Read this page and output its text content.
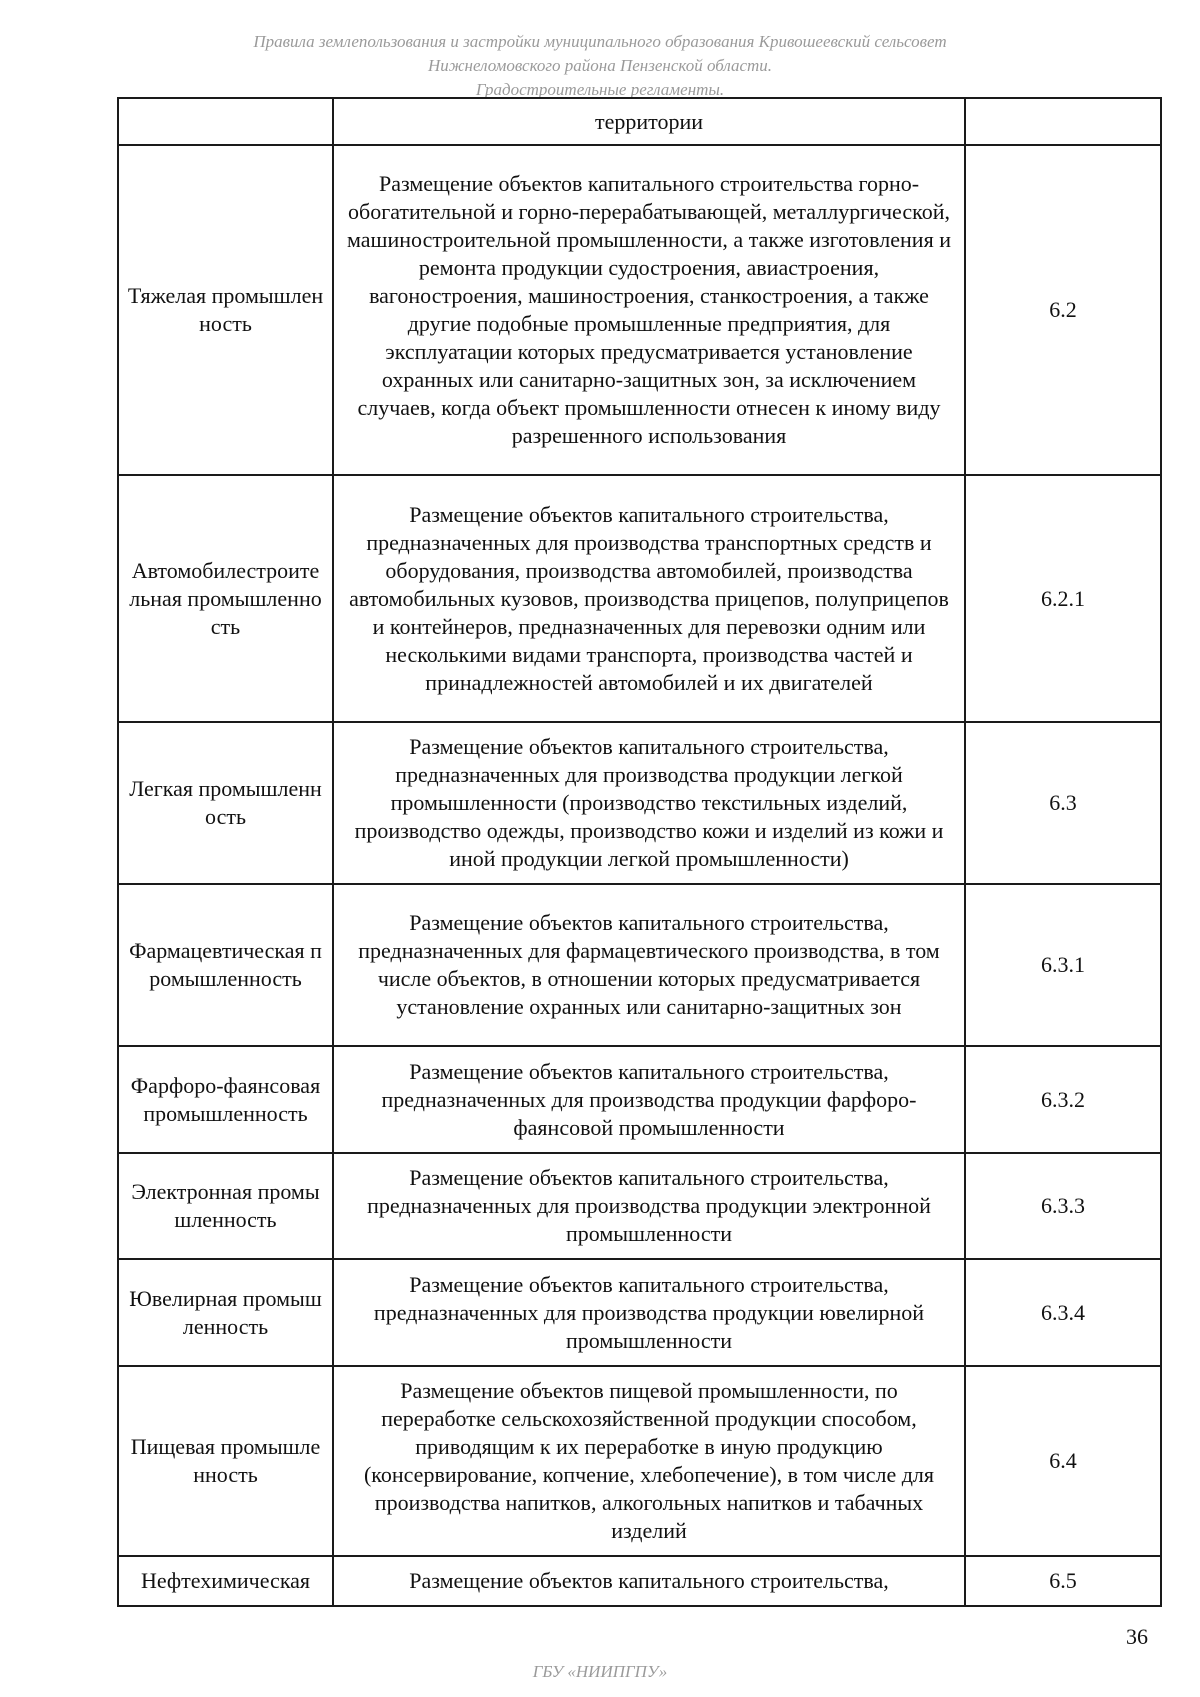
Правила землепользования и застройки муниципального образования Кривошеевский сельсовет
Нижнеломовского района Пензенской области.
Градостроительные регламенты.
	территории	
Тяжелая промышленность	Размещение объектов капитального строительства горно-обогатительной и горно-перерабатывающей, металлургической, машиностроительной промышленности, а также изготовления и ремонта продукции судостроения, авиастроения, вагоностроения, машиностроения, станкостроения, а также другие подобные промышленные предприятия, для эксплуатации которых предусматривается установление охранных или санитарно-защитных зон, за исключением случаев, когда объект промышленности отнесен к иному виду разрешенного использования	6.2
Автомобилестроительная промышленность	Размещение объектов капитального строительства, предназначенных для производства транспортных средств и оборудования, производства автомобилей, производства автомобильных кузовов, производства прицепов, полуприцепов и контейнеров, предназначенных для перевозки одним или несколькими видами транспорта, производства частей и принадлежностей автомобилей и их двигателей	6.2.1
Легкая промышленность	Размещение объектов капитального строительства, предназначенных для производства продукции легкой промышленности (производство текстильных изделий, производство одежды, производство кожи и изделий из кожи и иной продукции легкой промышленности)	6.3
Фармацевтическая промышленность	Размещение объектов капитального строительства, предназначенных для фармацевтического производства, в том числе объектов, в отношении которых предусматривается установление охранных или санитарно-защитных зон	6.3.1
Фарфоро-фаянсовая промышленность	Размещение объектов капитального строительства, предназначенных для производства продукции фарфоро-фаянсовой промышленности	6.3.2
Электронная промышленность	Размещение объектов капитального строительства, предназначенных для производства продукции электронной промышленности	6.3.3
Ювелирная промышленность	Размещение объектов капитального строительства, предназначенных для производства продукции ювелирной промышленности	6.3.4
Пищевая промышленность	Размещение объектов пищевой промышленности, по переработке сельскохозяйственной продукции способом, приводящим к их переработке в иную продукцию (консервирование, копчение, хлебопечение), в том числе для производства напитков, алкогольных напитков и табачных изделий	6.4
Нефтехимическая	Размещение объектов капитального строительства,	6.5
36
ГБУ «НИИПГПУ»
